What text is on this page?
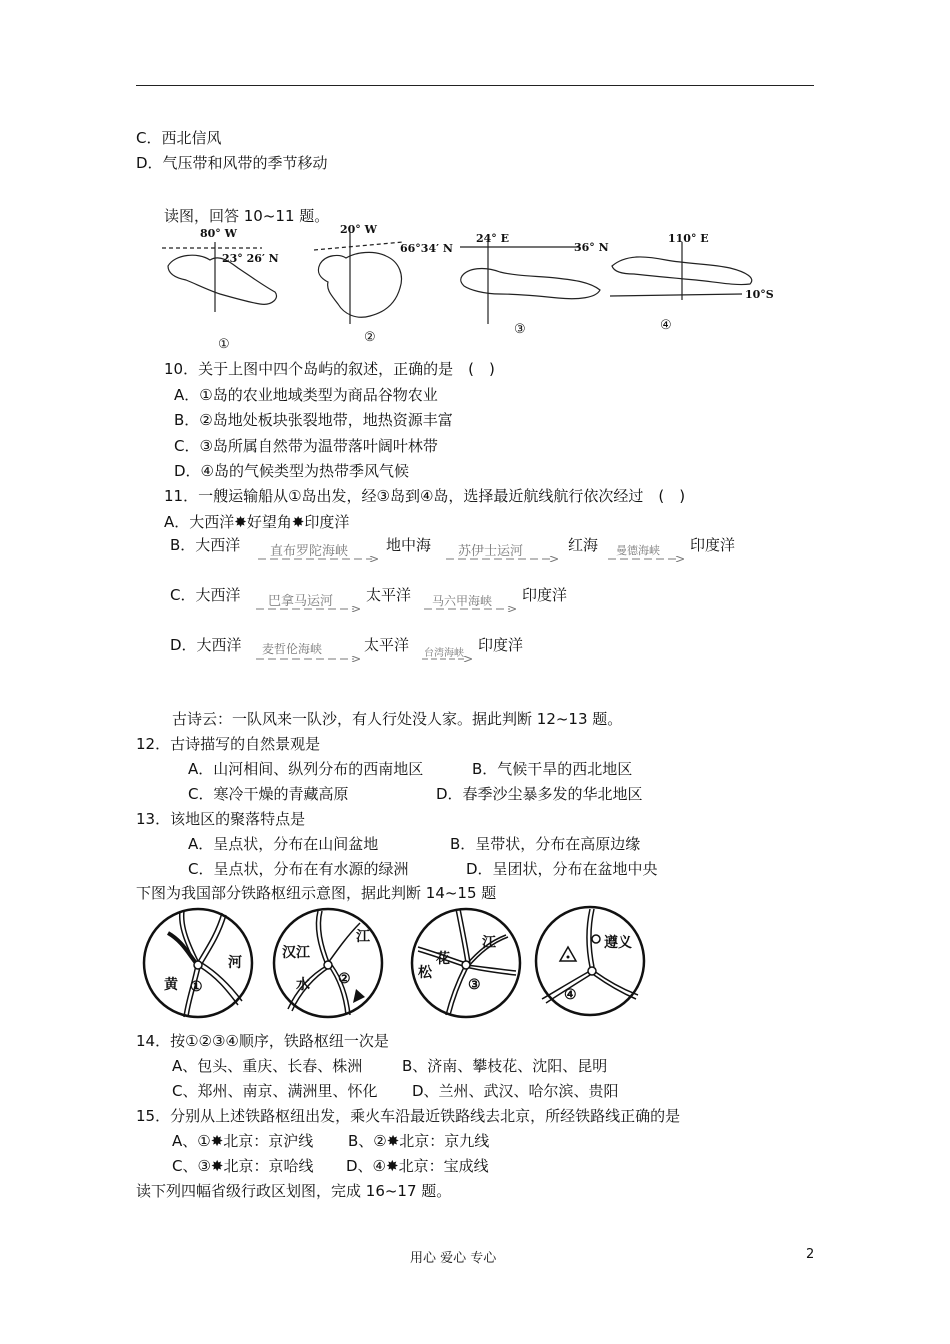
C．西北信风
D．气压带和风带的季节移动
读图，回答 10~11 题。
80° W
23° 26′ N
20° W
66°34′ N
24° E
36° N
110° E
10°S
①	②
③	④
10．关于上图中四个岛屿的叙述，正确的是　(　)
A．①岛的农业地域类型为商品谷物农业
B．②岛地处板块张裂地带，地热资源丰富
C．③岛所属自然带为温带落叶阔叶林带
D．④岛的气候类型为热带季风气候
11．一艘运输船从①岛出发，经③岛到④岛，选择最近航线航行依次经过　(　)
A．大西洋✸好望角✸印度洋
B．大西洋 直布罗陀海峡	地中海 苏伊士运河	红海 曼德海峡 印度洋
C．大西洋 巴拿马运河 太平洋 马六甲海峡 印度洋
D．大西洋 麦哲伦海峡	太平洋 台湾海峡 印度洋
古诗云：一队风来一队沙，有人行处没人家。据此判断 12~13 题。
12．古诗描写的自然景观是
A．山河相间、纵列分布的西南地区	B．气候干旱的西北地区
C．寒冷干燥的青藏高原	D．春季沙尘暴多发的华北地区
13．该地区的聚落特点是
A．呈点状，分布在山间盆地	B．呈带状，分布在高原边缘
C．呈点状，分布在有水源的绿洲	D．呈团状，分布在盆地中央
下图为我国部分铁路枢纽示意图，据此判断 14~15 题
黄
河
①
汉江
江
水 ②
江
松
花
③
遵义
④
14．按①②③④顺序，铁路枢纽一次是
A、包头、重庆、长春、株洲	B、济南、攀枝花、沈阳、昆明
C、郑州、南京、满洲里、怀化 D、兰州、武汉、哈尔滨、贵阳
15．分别从上述铁路枢纽出发，乘火车沿最近铁路线去北京，所经铁路线正确的是
A、①✸北京：京沪线 B、②✸北京：京九线
C、③✸北京：京哈线 D、④✸北京：宝成线
读下列四幅省级行政区划图，完成 16~17 题。
用心 爱心 专心	2
